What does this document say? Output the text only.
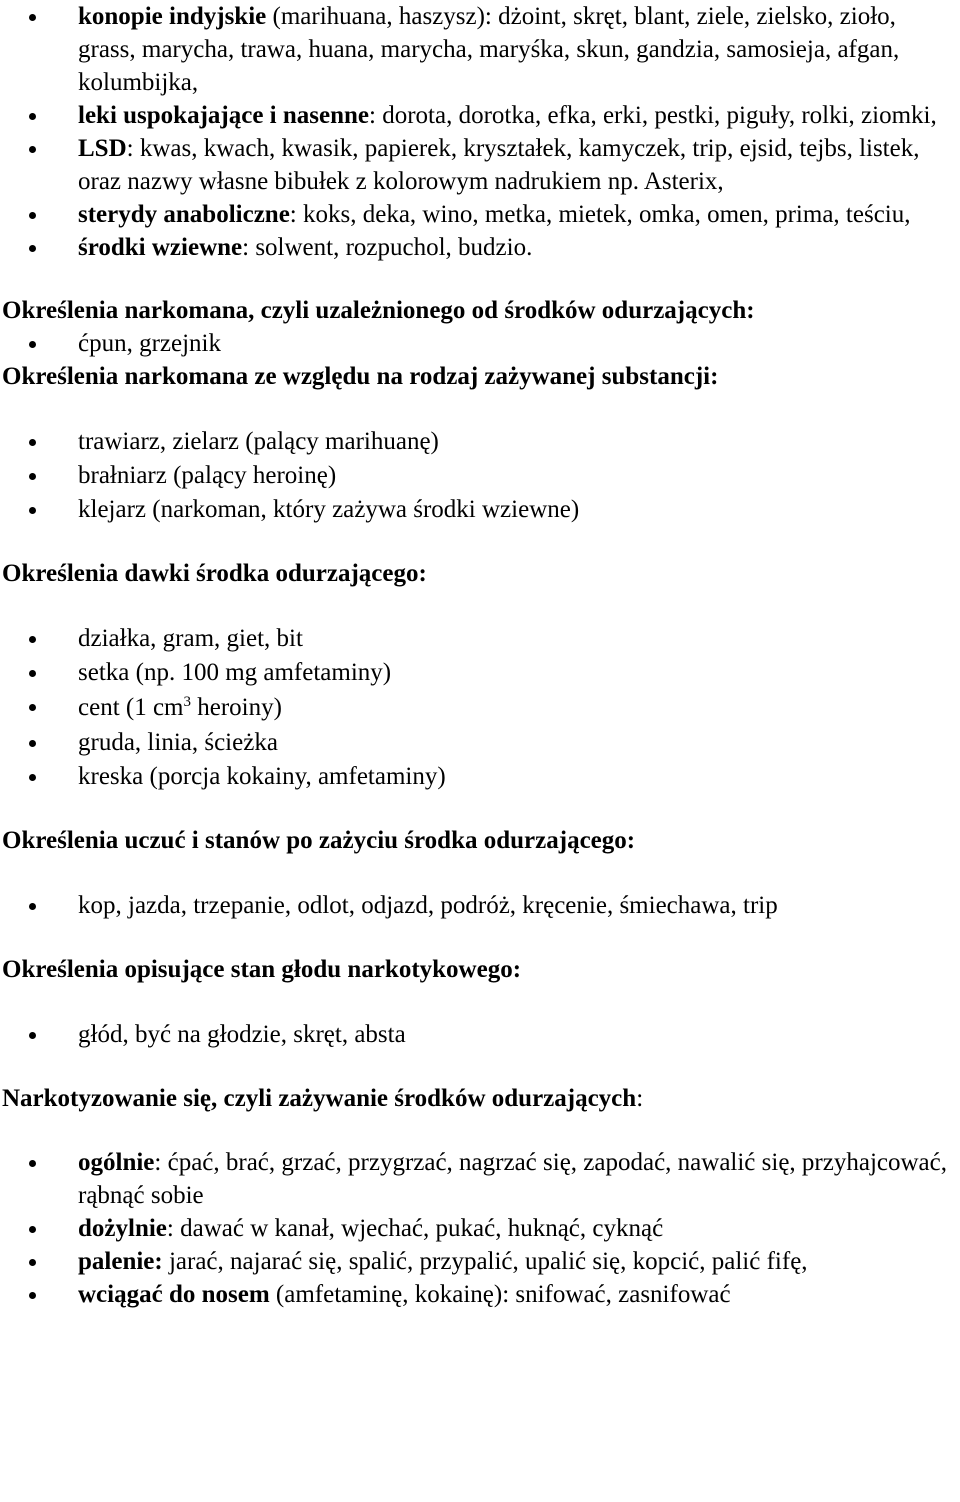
konopie indyjskie (marihuana, haszysz): dżoint, skręt, blant, ziele, zielsko, zioło, grass, marycha, trawa, huana, marycha, maryśka, skun, gandzia, samosieja, afgan, kolumbijka,
leki uspokajające i nasenne: dorota, dorotka, efka, erki, pestki, piguły, rolki, ziomki,
LSD: kwas, kwach, kwasik, papierek, kryształek, kamyczek, trip, ejsid, tejbs, listek, oraz nazwy własne bibułek z kolorowym nadrukiem np. Asterix,
sterydy anaboliczne: koks, deka, wino, metka, mietek, omka, omen, prima, teściu,
środki wziewne: solwent, rozpuchol, budzio.
Określenia narkomana, czyli uzależnionego od środków odurzających:
ćpun, grzejnik
Określenia narkomana ze względu na rodzaj zażywanej substancji:
trawiarz, zielarz (palący marihuanę)
brałniarz (palący heroinę)
klejarz (narkoman, który zażywa środki wziewne)
Określenia dawki środka odurzającego:
działka, gram, giet, bit
setka (np. 100 mg amfetaminy)
cent (1 $cm^3$ heroiny)
gruda, linia, ścieżka
kreska (porcja kokainy, amfetaminy)
Określenia uczuć i stanów po zażyciu środka odurzającego:
kop, jazda, trzepanie, odlot, odjazd, podróż, kręcenie, śmiechawa, trip
Określenia opisujące stan głodu narkotykowego:
głód, być na głodzie, skręt, absta
Narkotyzowanie się, czyli zażywanie środków odurzających:
ogólnie: ćpać, brać, grzać, przygrzać, nagrzać się, zapodać, nawalić się, przyhajcować, rąbnąć sobie
dożylnie: dawać w kanał, wjechać, pukać, huknąć, cyknąć
palenie: jarać, najarać się, spalić, przypalić, upalić się, kopcić, palić fifę,
wciągać do nosem (amfetaminę, kokainę): snifować, zasnifować
